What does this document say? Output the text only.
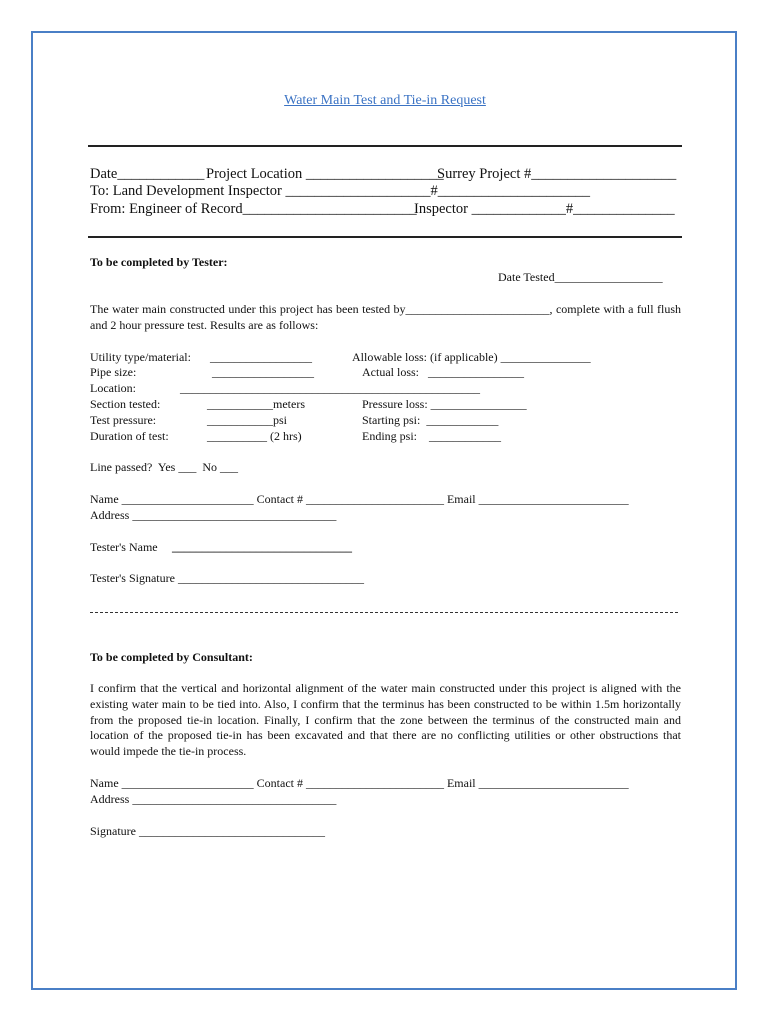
Water Main Test and Tie-in Request
Date____________ Project Location ___________________
Surrey Project #____________________
To: Land Development Inspector ____________________#_____________________
From: Engineer of Record________________________
Inspector _____________#______________
To be completed by Tester:
Date Tested__________________
The water main constructed under this project has been tested by________________________, complete with a full flush and 2 hour pressure test. Results are as follows:
Utility type/material: _________________	Allowable loss: (if applicable) _______________
Pipe size:	_________________	Actual loss:   ________________
Location:	__________________________________________________
Section tested:	___________meters	Pressure loss: ________________
Test pressure:	___________psi	Starting psi:  ____________
Duration of test:	__________ (2 hrs)	Ending psi:    ____________
Line passed?  Yes ___  No ___
Name ______________________ Contact # _______________________ Email _________________________
Address __________________________________
Tester's Name ______________________________
Tester's Signature _______________________________
To be completed by Consultant:
I confirm that the vertical and horizontal alignment of the water main constructed under this project is aligned with the existing water main to be tied into. Also, I confirm that the terminus has been constructed to be within 1.5m horizontally from the proposed tie-in location. Finally, I confirm that the zone between the terminus of the constructed main and location of the proposed tie-in has been excavated and that there are no conflicting utilities or other obstructions that would impede the tie-in process.
Name ______________________ Contact # _______________________ Email _________________________
Address __________________________________
Signature _______________________________
